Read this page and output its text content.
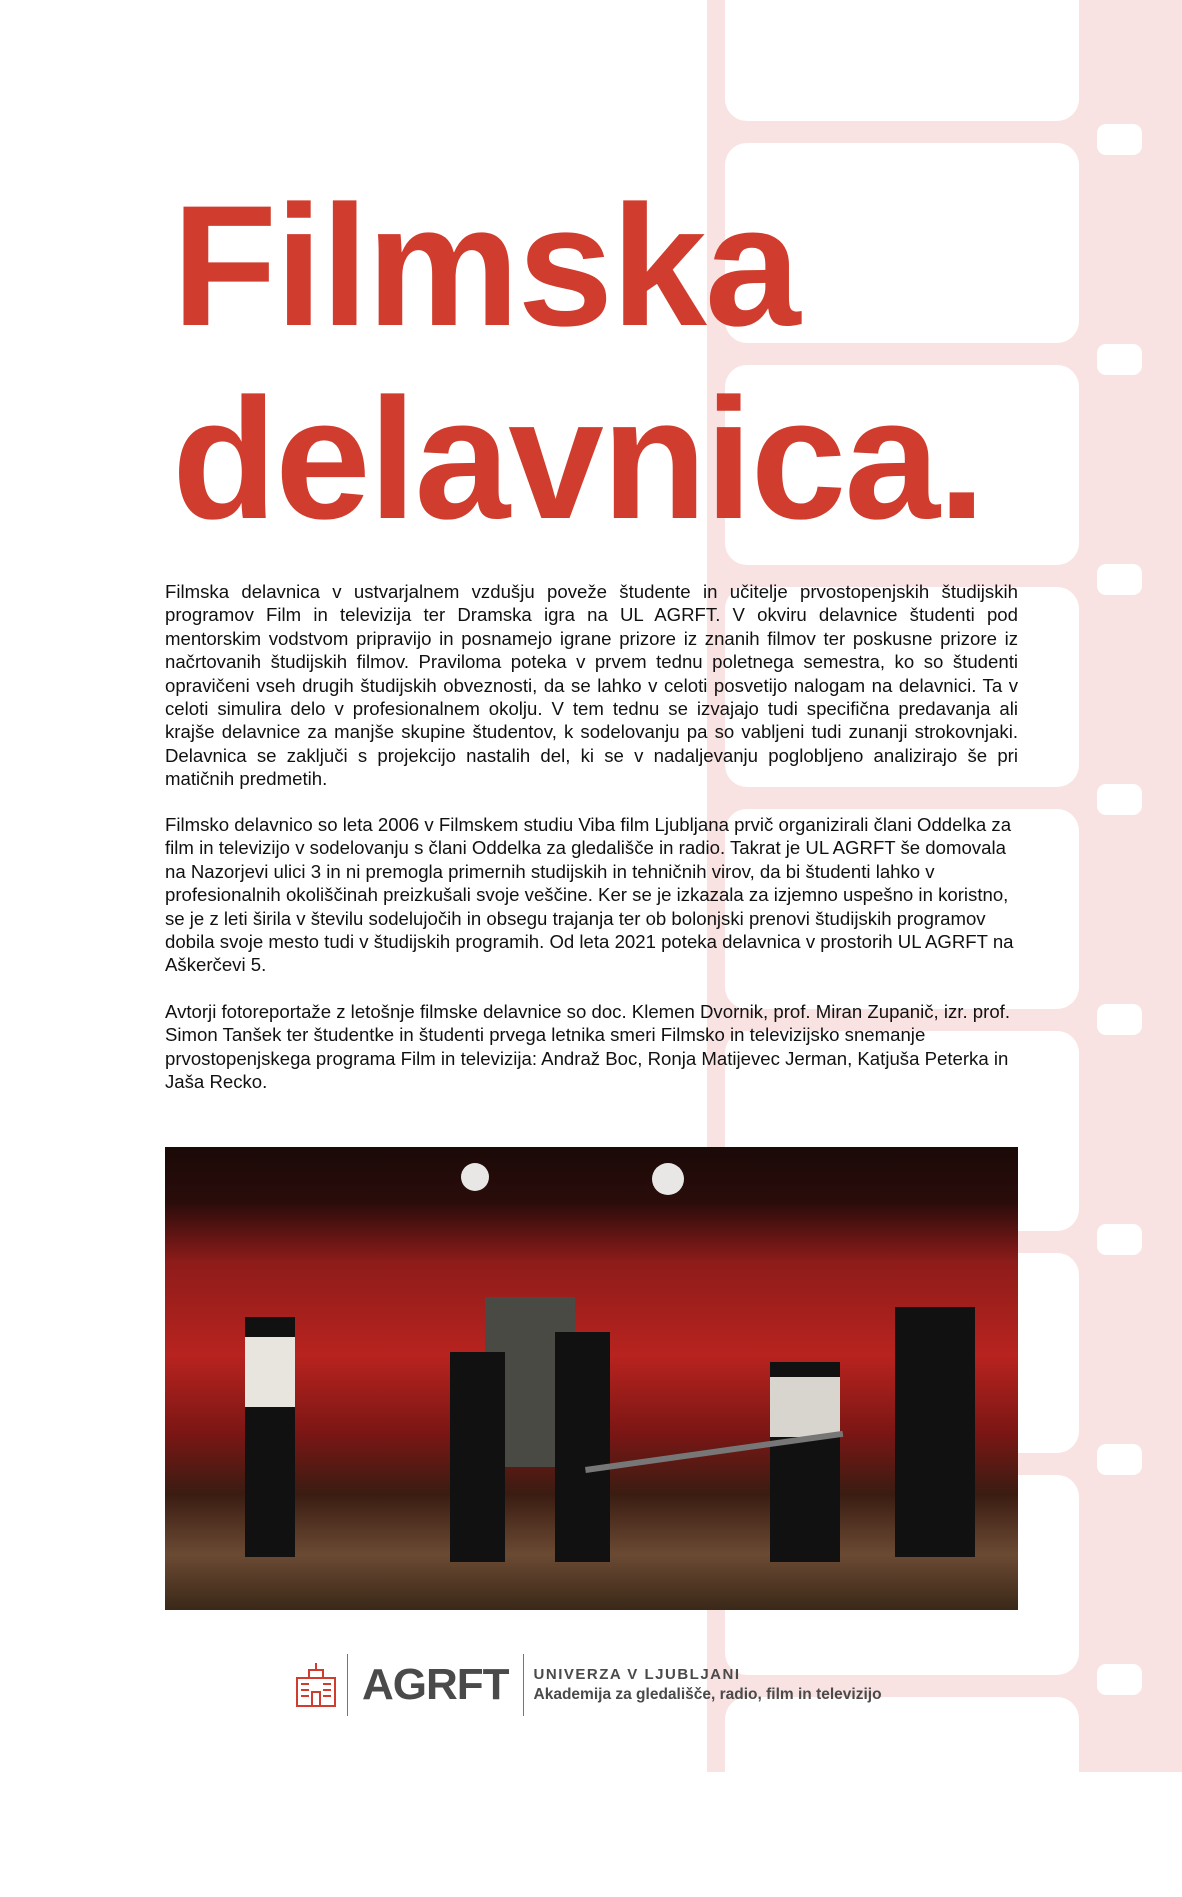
Filmska
delavnica.

Filmska delavnica v ustvarjalnem vzdušju poveže študente in učitelje prvostopenjskih študijskih programov Film in televizija ter Dramska igra na UL AGRFT. V okviru delavnice študenti pod mentorskim vodstvom pripravijo in posnamejo igrane prizore iz znanih filmov ter poskusne prizore iz načrtovanih študijskih filmov. Praviloma poteka v prvem tednu poletnega semestra, ko so študenti opravičeni vseh drugih študijskih obveznosti, da se lahko v celoti posvetijo nalogam na delavnici. Ta v celoti simulira delo v profesionalnem okolju. V tem tednu se izvajajo tudi specifična predavanja ali krajše delavnice za manjše skupine študentov, k sodelovanju pa so vabljeni tudi zunanji strokovnjaki. Delavnica se zaključi s projekcijo nastalih del, ki se v nadaljevanju poglobljeno analizirajo še pri matičnih predmetih.

Filmsko delavnico so leta 2006 v Filmskem studiu Viba film Ljubljana prvič organizirali člani Oddelka za film in televizijo v sodelovanju s člani Oddelka za gledališče in radio. Takrat je UL AGRFT še domovala na Nazorjevi ulici 3 in ni premogla primernih studijskih in tehničnih virov, da bi študenti lahko v profesionalnih okoliščinah preizkušali svoje veščine. Ker se je izkazala za izjemno uspešno in koristno, se je z leti širila v številu sodelujočih in obsegu trajanja ter ob bolonjski prenovi študijskih programov dobila svoje mesto tudi v študijskih programih. Od leta 2021 poteka delavnica v prostorih UL AGRFT na Aškerčevi 5.

Avtorji fotoreportaže z letošnje filmske delavnice so doc. Klemen Dvornik, prof. Miran Zupanič, izr. prof. Simon Tanšek ter študentke in študenti prvega letnika smeri Filmsko in televizijsko snemanje prvostopenjskega programa Film in televizija: Andraž Boc, Ronja Matijevec Jerman, Katjuša Peterka in Jaša Recko.

AGRFT	UNIVERZA V LJUBLJANI
Akademija za gledališče, radio, film in televizijo
